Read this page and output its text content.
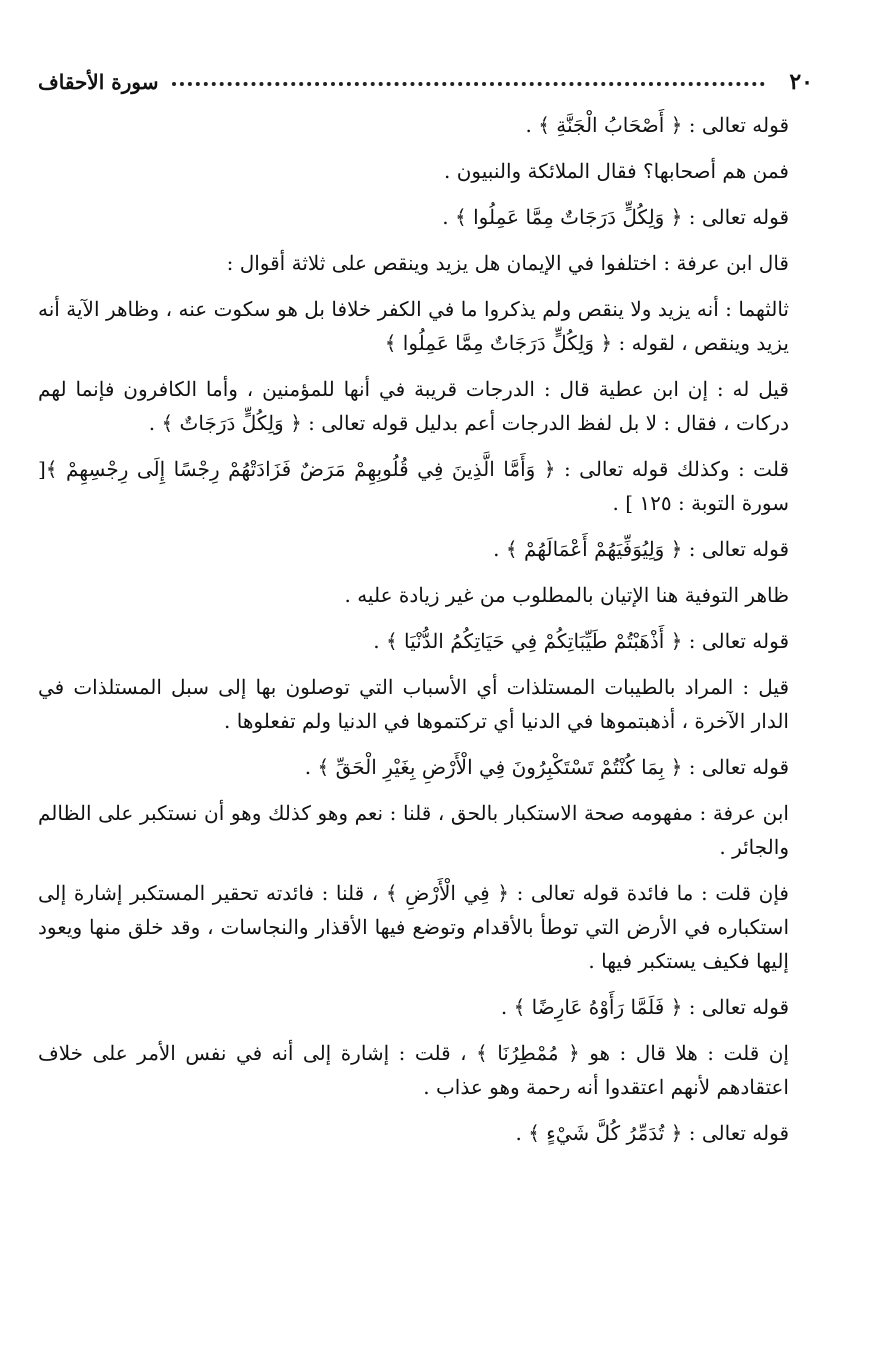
٢٠
سورة الأحقاف

قوله تعالى : ﴿ أَصْحَابُ الْجَنَّةِ ﴾ .

فمن هم أصحابها؟ فقال الملائكة والنبيون .

قوله تعالى : ﴿ وَلِكُلٍّ دَرَجَاتٌ مِمَّا عَمِلُوا ﴾ .

قال ابن عرفة : اختلفوا في الإيمان هل يزيد وينقص على ثلاثة أقوال :

ثالثهما : أنه يزيد ولا ينقص ولم يذكروا ما في الكفر خلافا بل هو سكوت عنه ، وظاهر الآية أنه يزيد وينقص ، لقوله : ﴿ وَلِكُلٍّ دَرَجَاتٌ مِمَّا عَمِلُوا ﴾

قيل له : إن ابن عطية قال : الدرجات قريبة في أنها للمؤمنين ، وأما الكافرون فإنما لهم دركات ، فقال : لا بل لفظ الدرجات أعم بدليل قوله تعالى : ﴿ وَلِكُلٍّ دَرَجَاتٌ ﴾ .

قلت : وكذلك قوله تعالى : ﴿ وَأَمَّا الَّذِينَ فِي قُلُوبِهِمْ مَرَضٌ فَزَادَتْهُمْ رِجْسًا إِلَى رِجْسِهِمْ ﴾[ سورة التوبة : ١٢٥ ] .

قوله تعالى : ﴿ وَلِيُوَفِّيَهُمْ أَعْمَالَهُمْ ﴾ .

ظاهر التوفية هنا الإتيان بالمطلوب من غير زيادة عليه .

قوله تعالى : ﴿ أَذْهَبْتُمْ طَيِّبَاتِكُمْ فِي حَيَاتِكُمُ الدُّنْيَا ﴾ .

قيل : المراد بالطيبات المستلذات أي الأسباب التي توصلون بها إلى سبل المستلذات في الدار الآخرة ، أذهبتموها في الدنيا أي تركتموها في الدنيا ولم تفعلوها .

قوله تعالى : ﴿ بِمَا كُنْتُمْ تَسْتَكْبِرُونَ فِي الْأَرْضِ بِغَيْرِ الْحَقِّ ﴾ .

ابن عرفة : مفهومه صحة الاستكبار بالحق ، قلنا : نعم وهو كذلك وهو أن نستكبر على الظالم والجائر .

فإن قلت : ما فائدة قوله تعالى : ﴿ فِي الْأَرْضِ ﴾ ، قلنا : فائدته تحقير المستكبر إشارة إلى استكباره في الأرض التي توطأ بالأقدام وتوضع فيها الأقذار والنجاسات ، وقد خلق منها ويعود إليها فكيف يستكبر فيها .

قوله تعالى : ﴿ فَلَمَّا رَأَوْهُ عَارِضًا ﴾ .

إن قلت : هلا قال : هو ﴿ مُمْطِرُنَا ﴾ ، قلت : إشارة إلى أنه في نفس الأمر على خلاف اعتقادهم لأنهم اعتقدوا أنه رحمة وهو عذاب .

قوله تعالى : ﴿ تُدَمِّرُ كُلَّ شَيْءٍ ﴾ .
